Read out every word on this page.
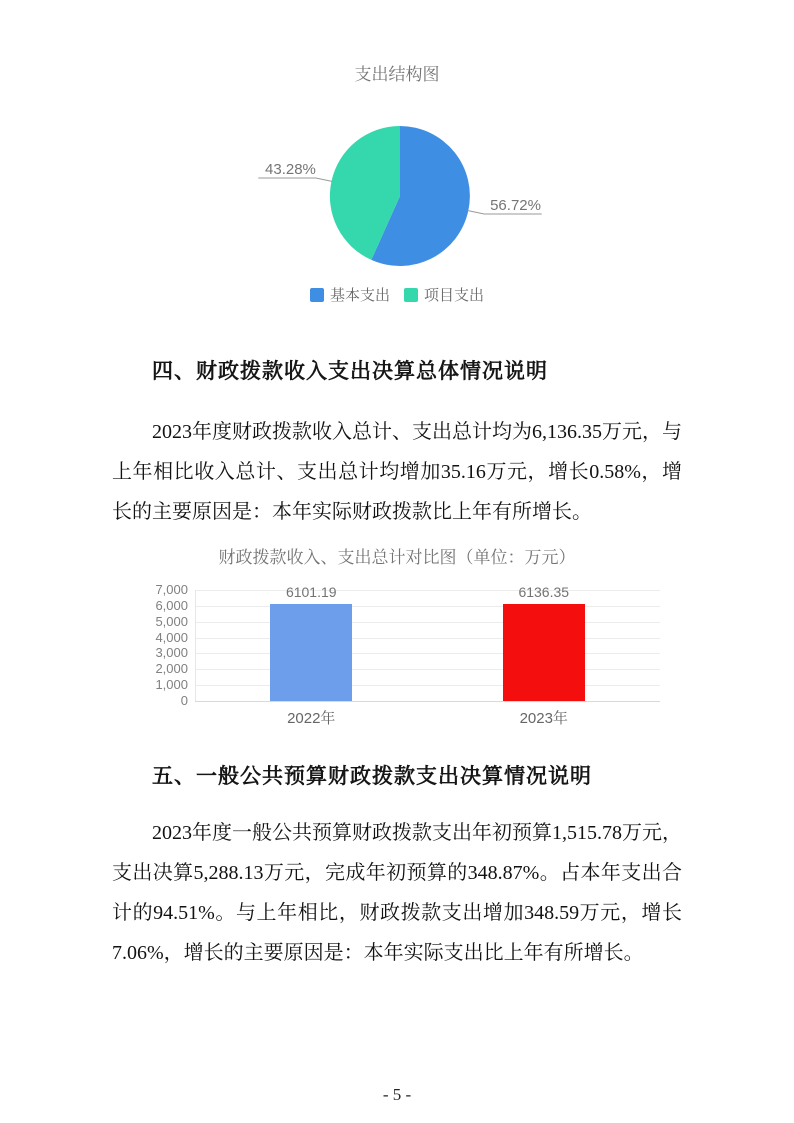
支出结构图
56.72%
43.28%
基本支出 项目支出
四、财政拨款收入支出决算总体情况说明

2023年度财政拨款收入总计、支出总计均为6,136.35万元，与上年相比收入总计、支出总计均增加35.16万元，增长0.58%，增长的主要原因是：本年实际财政拨款比上年有所增长。

财政拨款收入、支出总计对比图（单位：万元）
0
1,000
2,000
3,000
4,000
5,000
6,000
7,000	6101.19
2022年
6136.35
2023年
五、一般公共预算财政拨款支出决算情况说明

2023年度一般公共预算财政拨款支出年初预算1,515.78万元，支出决算5,288.13万元，完成年初预算的348.87%。占本年支出合计的94.51%。与上年相比，财政拨款支出增加348.59万元，增长7.06%，增长的主要原因是：本年实际支出比上年有所增长。

- 5 -
